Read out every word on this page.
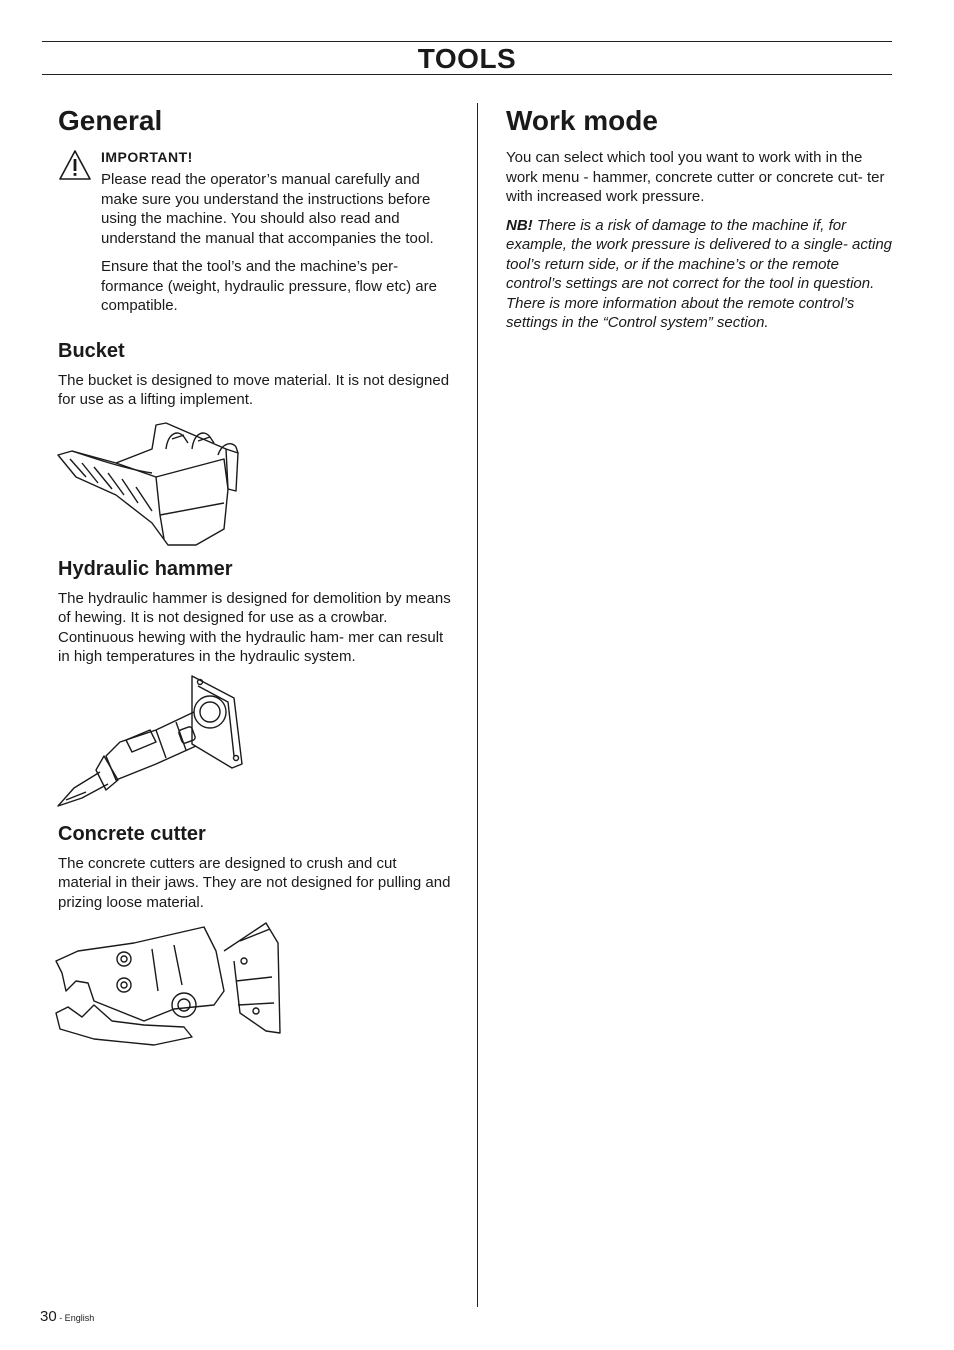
TOOLS
General

IMPORTANT!

Please read the operator’s manual carefully and make sure you understand the instructions before using the machine. You should also read and understand the manual that accompanies the tool.

Ensure that the tool’s and the machine’s per- formance (weight, hydraulic pressure, flow etc) are compatible.

Bucket

The bucket is designed to move material. It is not designed for use as a lifting implement.

Hydraulic hammer

The hydraulic hammer is designed for demolition by means of hewing. It is not designed for use as a crowbar. Continuous hewing with the hydraulic ham- mer can result in high temperatures in the hydraulic system.

Concrete cutter

The concrete cutters are designed to crush and cut material in their jaws. They are not designed for pulling and prizing loose material.

Work mode

You can select which tool you want to work with in the work menu - hammer, concrete cutter or concrete cut- ter with increased work pressure.

NB! There is a risk of damage to the machine if, for example, the work pressure is delivered to a single- acting tool’s return side, or if the machine’s or the remote control’s settings are not correct for the tool in question. There is more information about the remote control’s settings in the “Control system” section.

30 - English
